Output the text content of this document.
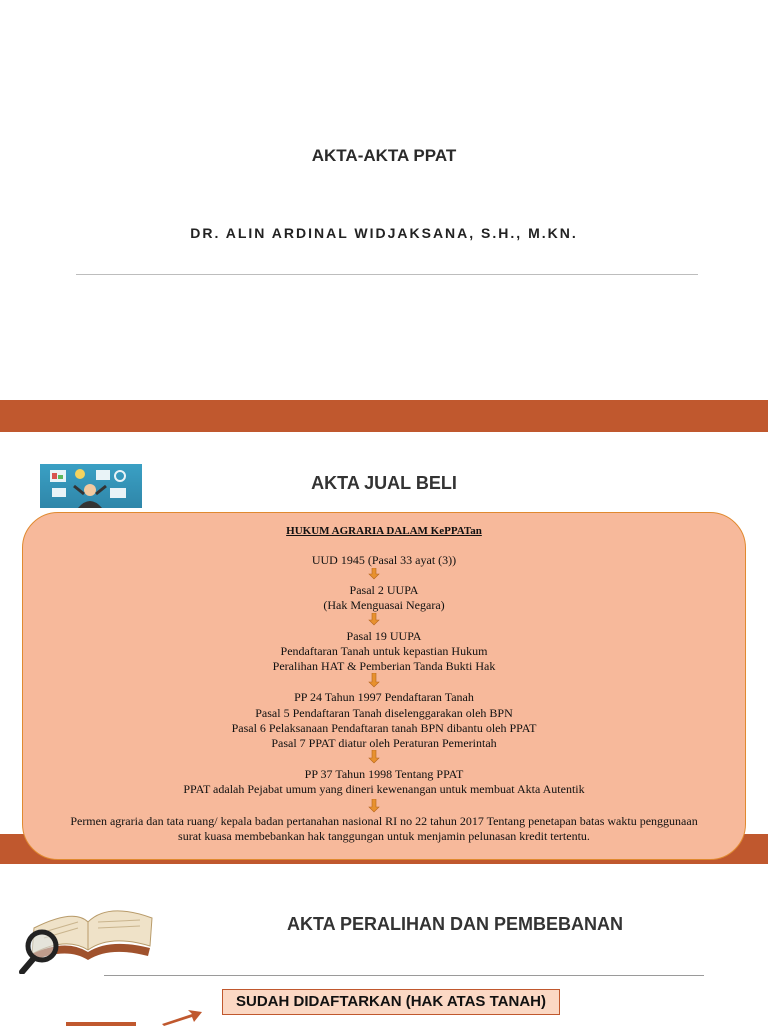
AKTA-AKTA PPAT
DR. ALIN ARDINAL WIDJAKSANA, S.H., M.KN.
AKTA JUAL BELI
HUKUM AGRARIA DALAM KePPATan
UUD 1945 (Pasal 33 ayat (3))
Pasal 2 UUPA
(Hak Menguasai Negara)
Pasal 19 UUPA
Pendaftaran Tanah untuk kepastian Hukum
Peralihan HAT & Pemberian Tanda Bukti Hak
PP 24 Tahun 1997 Pendaftaran Tanah
Pasal 5 Pendaftaran Tanah diselenggarakan oleh BPN
Pasal 6 Pelaksanaan Pendaftaran tanah BPN dibantu oleh PPAT
Pasal 7 PPAT diatur oleh Peraturan Pemerintah
PP 37 Tahun 1998 Tentang PPAT
PPAT adalah Pejabat umum yang dineri kewenangan untuk membuat Akta Autentik
Permen agraria dan tata ruang/ kepala badan pertanahan nasional RI no 22 tahun 2017 Tentang penetapan batas waktu penggunaan
surat kuasa membebankan hak tanggungan untuk menjamin pelunasan kredit tertentu.
AKTA PERALIHAN DAN PEMBEBANAN
SUDAH DIDAFTARKAN (HAK ATAS TANAH)
